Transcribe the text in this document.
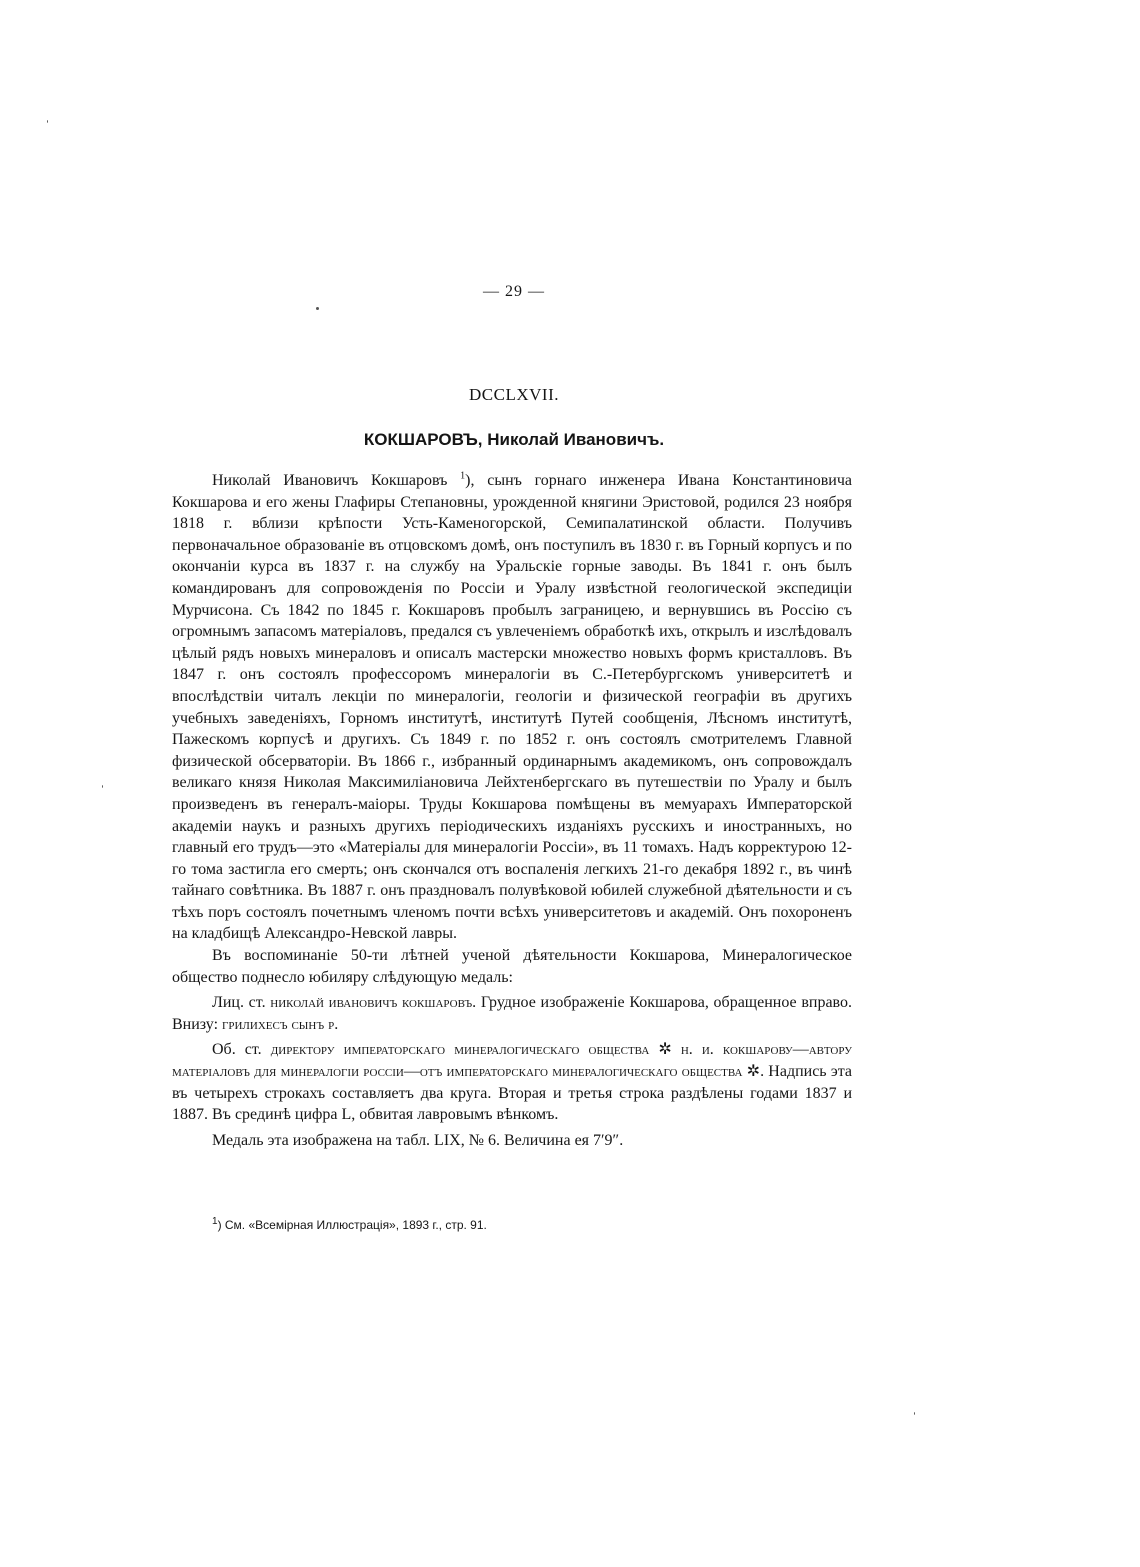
— 29 —
DCCLXVII.
КОКШАРОВЪ, Николай Ивановичъ.

Николай Ивановичъ Кокшаровъ $^1$), сынъ горнаго инженера Ивана Константиновича Кокшарова и его жены Глафиры Степановны, урожденной княгини Эристовой, родился 23 ноября 1818 г. вблизи крѣпости Усть-Каменогорской, Семипалатинской области. Получивъ первоначальное образованіе въ отцовскомъ домѣ, онъ поступилъ въ 1830 г. въ Горный корпусъ и по окончаніи курса въ 1837 г. на службу на Уральскіе горные заводы. Въ 1841 г. онъ былъ командированъ для сопровожденія по Россіи и Уралу извѣстной геологической экспедиціи Мурчисона. Съ 1842 по 1845 г. Кокшаровъ пробылъ заграницею, и вернувшись въ Россію съ огромнымъ запасомъ матеріаловъ, предался съ увлеченіемъ обработкѣ ихъ, открылъ и изслѣдовалъ цѣлый рядъ новыхъ минераловъ и описалъ мастерски множество новыхъ формъ кристалловъ. Въ 1847 г. онъ состоялъ профессоромъ минералогіи въ С.-Петербургскомъ университетѣ и впослѣдствіи читалъ лекціи по минералогіи, геологіи и физической географіи въ другихъ учебныхъ заведеніяхъ, Горномъ институтѣ, институтѣ Путей сообщенія, Лѣсномъ институтѣ, Пажескомъ корпусѣ и другихъ. Съ 1849 г. по 1852 г. онъ состоялъ смотрителемъ Главной физической обсерваторіи. Въ 1866 г., избранный ординарнымъ академикомъ, онъ сопровождалъ великаго князя Николая Максимиліановича Лейхтенбергскаго въ путешествіи по Уралу и былъ произведенъ въ генералъ-маіоры. Труды Кокшарова помѣщены въ мемуарахъ Императорской академіи наукъ и разныхъ другихъ періодическихъ изданіяхъ русскихъ и иностранныхъ, но главный его трудъ—это «Матеріалы для минералогіи Россіи», въ 11 томахъ. Надъ корректурою 12-го тома застигла его смерть; онъ скончался отъ воспаленія легкихъ 21-го декабря 1892 г., въ чинѣ тайнаго совѣтника. Въ 1887 г. онъ праздновалъ полувѣковой юбилей служебной дѣятельности и съ тѣхъ поръ состоялъ почетнымъ членомъ почти всѣхъ университетовъ и академій. Онъ похороненъ на кладбищѣ Александро-Невской лавры.

Въ воспоминаніе 50-ти лѣтней ученой дѣятельности Кокшарова, Минералогическое общество поднесло юбиляру слѣдующую медаль:

Лиц. ст. николай ивановичъ кокшаровъ. Грудное изображеніе Кокшарова, обращенное вправо. Внизу: грилихесъ сынъ р.

Об. ст. директору императорскаго минералогическаго общества ✲ н. и. кокшарову—автору матеріаловъ для минералогіи россіи—отъ императорскаго минералогическаго общества ✲. Надпись эта въ четырехъ строкахъ составляетъ два круга. Вторая и третья строка раздѣлены годами 1837 и 1887. Въ срединѣ цифра L, обвитая лавровымъ вѣнкомъ.

Медаль эта изображена на табл. LIX, № 6. Величина ея 7′9″.

$^1$) См. «Всемірная Иллюстрація», 1893 г., стр. 91.
